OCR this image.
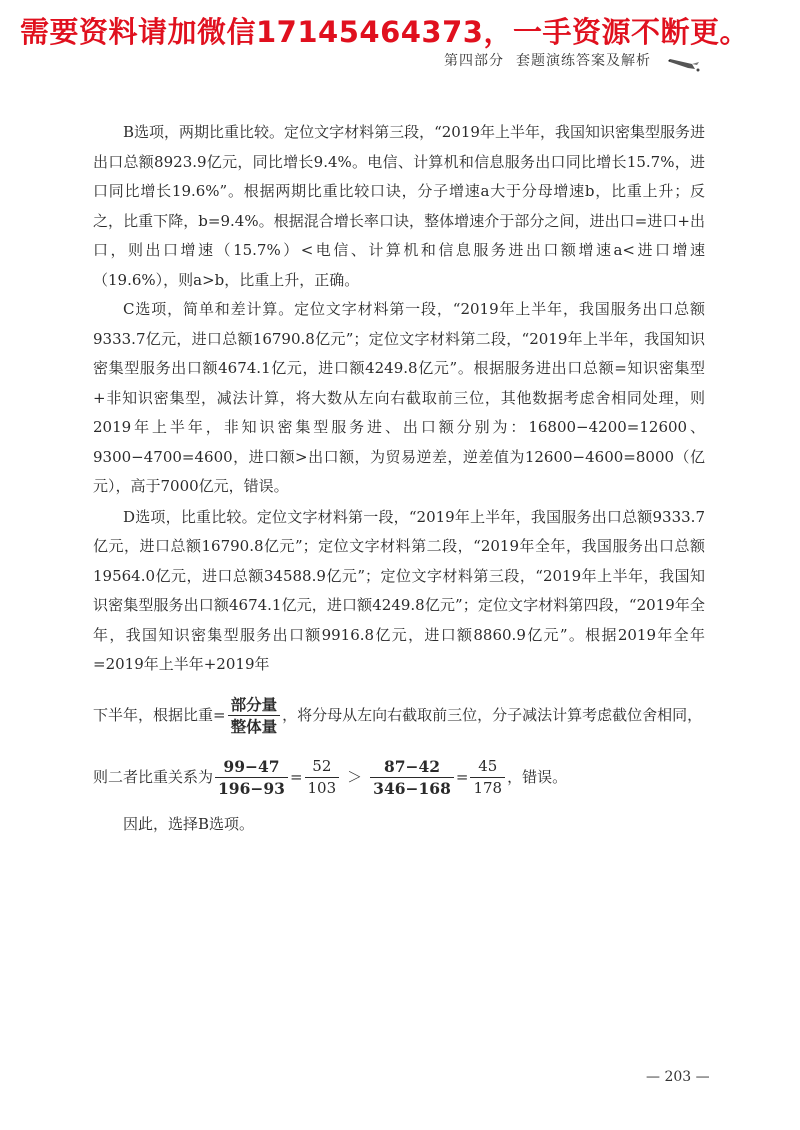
需要资料请加微信17145464373，一手资源不断更。
第四部分 套题演练答案及解析

B选项，两期比重比较。定位文字材料第三段，“2019年上半年，我国知识密集型服务进出口总额8923.9亿元，同比增长9.4%。电信、计算机和信息服务出口同比增长15.7%，进口同比增长19.6%”。根据两期比重比较口诀，分子增速a大于分母增速b，比重上升；反之，比重下降，b=9.4%。根据混合增长率口诀，整体增速介于部分之间，进出口=进口+出口，则出口增速（15.7%）<电信、计算机和信息服务进出口额增速a<进口增速（19.6%），则a>b，比重上升，正确。

C选项，简单和差计算。定位文字材料第一段，“2019年上半年，我国服务出口总额9333.7亿元，进口总额16790.8亿元”；定位文字材料第二段，“2019年上半年，我国知识密集型服务出口额4674.1亿元，进口额4249.8亿元”。根据服务进出口总额=知识密集型+非知识密集型，减法计算，将大数从左向右截取前三位，其他数据考虑舍相同处理，则2019年上半年，非知识密集型服务进、出口额分别为：16800−4200=12600、9300−4700=4600，进口额>出口额，为贸易逆差，逆差值为12600−4600=8000（亿元），高于7000亿元，错误。

D选项，比重比较。定位文字材料第一段，“2019年上半年，我国服务出口总额9333.7亿元，进口总额16790.8亿元”；定位文字材料第二段，“2019年全年，我国服务出口总额19564.0亿元，进口总额34588.9亿元”；定位文字材料第三段，“2019年上半年，我国知识密集型服务出口额4674.1亿元，进口额4249.8亿元”；定位文字材料第四段，“2019年全年，我国知识密集型服务出口额9916.8亿元，进口额8860.9亿元”。根据2019年全年=2019年上半年+2019年

下半年，根据比重= $\frac{\text{部分量}}{\text{整体量}}$ ，将分母从左向右截取前三位，分子减法计算考虑截位舍相同，
则二者比重关系为 $\frac{99-47}{196-93} = \frac{52}{103} > \frac{87-42}{346-168} = \frac{45}{178}$ ，错误。

因此，选择B选项。

— 203 —
